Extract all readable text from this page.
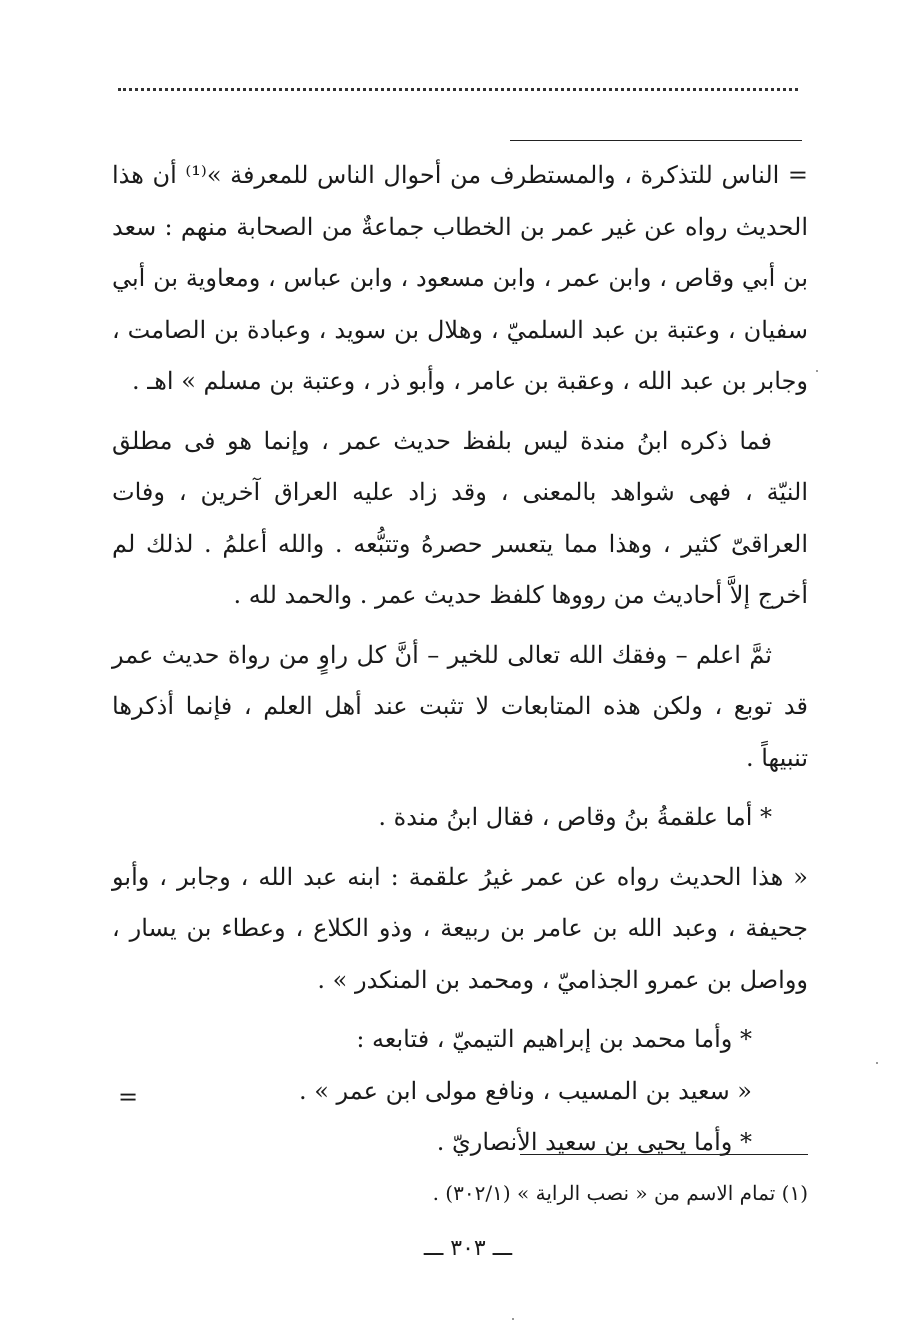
= الناس للتذكرة ، والمستطرف من أحوال الناس للمعرفة »⁽¹⁾ أن هذا الحديث رواه عن غير عمر بن الخطاب جماعةٌ من الصحابة منهم : سعد بن أبي وقاص ، وابن عمر ، وابن مسعود ، وابن عباس ، ومعاوية بن أبي سفيان ، وعتبة بن عبد السلميّ ، وهلال بن سويد ، وعبادة بن الصامت ، وجابر بن عبد الله ، وعقبة بن عامر ، وأبو ذر ، وعتبة بن مسلم » اهـ .

فما ذكره ابنُ مندة ليس بلفظ حديث عمر ، وإنما هو فى مطلق النيّة ، فهى شواهد بالمعنى ، وقد زاد عليه العراق آخرين ، وفات العراقىّ كثير ، وهذا مما يتعسر حصرهُ وتتبُّعه . والله أعلمُ . لذلك لم أخرج إلاَّ أحاديث من رووها كلفظ حديث عمر . والحمد لله .

ثمَّ اعلم – وفقك الله تعالى للخير – أنَّ كل راوٍ من رواة حديث عمر قد توبع ، ولكن هذه المتابعات لا تثبت عند أهل العلم ، فإنما أذكرها تنبيهاً .

* أما علقمةُ بنُ وقاص ، فقال ابنُ مندة .

« هذا الحديث رواه عن عمر غيرُ علقمة : ابنه عبد الله ، وجابر ، وأبو جحيفة ، وعبد الله بن عامر بن ربيعة ، وذو الكلاع ، وعطاء بن يسار ، وواصل بن عمرو الجذاميّ ، ومحمد بن المنكدر » .

* وأما محمد بن إبراهيم التيميّ ، فتابعه :

« سعيد بن المسيب ، ونافع مولى ابن عمر » .

* وأما يحيى بن سعيد الأنصاريّ .

=
(١) تمام الاسم من « نصب الراية » (٣٠٢/١) .
ـــ ٣٠٣ ـــ
